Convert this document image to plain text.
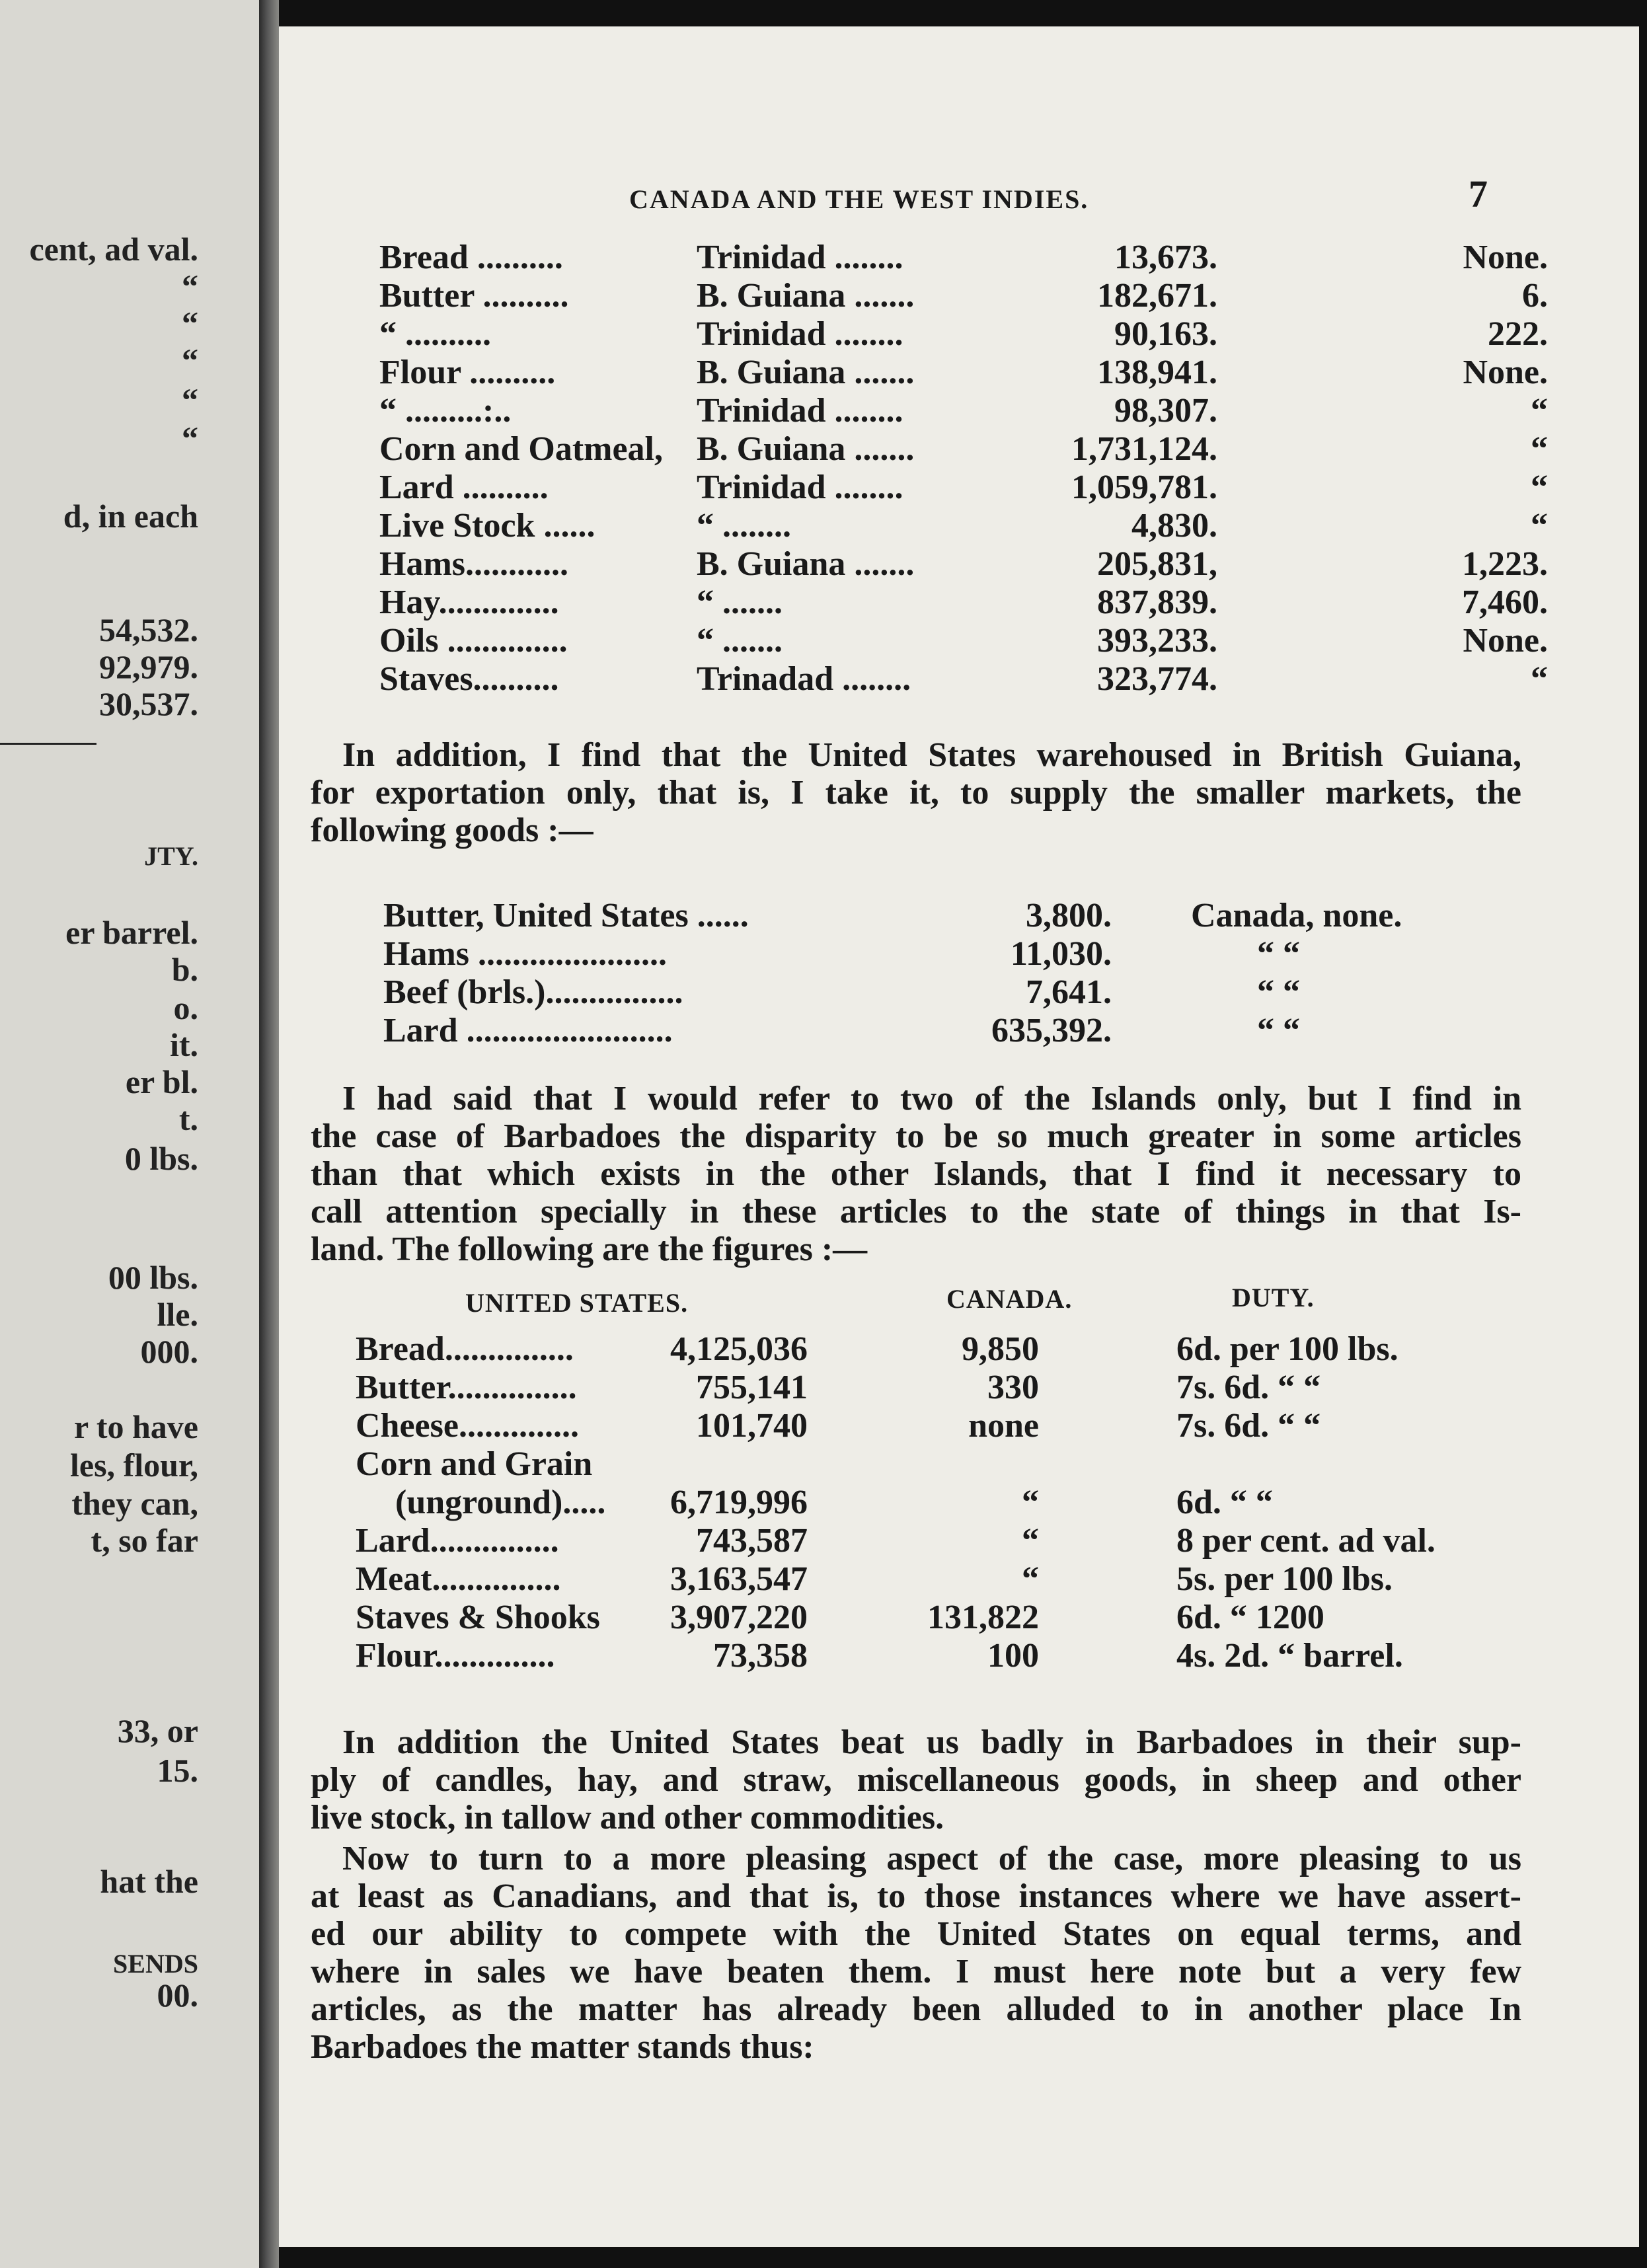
cent, ad val.
“
“
“
“
“
d, in each
54,532.
92,979.
30,537.
JTY.
er barrel.
b.
o.
it.
er bl.
t.
0 lbs.
00 lbs.
lle.
000.
r to have
les, flour,
they can,
t, so far
33, or
15.
hat the
SENDS
00.
CANADA AND THE WEST INDIES.	7
Bread ..........	Trinidad ........	13,673.	None.
Butter ..........	B. Guiana .......	182,671.	6.
“ ..........	Trinidad ........	90,163.	222.
Flour ..........	B. Guiana .......	138,941.	None.
“ .........:..	Trinidad ........	98,307.	“
Corn and Oatmeal, B. Guiana .......	1,731,124.	“
Lard ..........	Trinidad ........	1,059,781.	“
Live Stock ......	“ ........	4,830.	“
Hams............	B. Guiana .......	205,831,	1,223.
Hay..............	“ .......	837,839.	7,460.
Oils ..............	“ .......	393,233.	None.
Staves..........	Trinadad ........	323,774.	“
In addition, I find that the United States warehoused in British Guiana,
for exportation only, that is, I take it, to supply the smaller markets, the
following goods :—
Butter, United States ......	3,800. Canada, none.
Hams ......................	11,030.	“ “
Beef (brls.)................	7,641.	“ “
Lard ........................	635,392.	“ “
I had said that I would refer to two of the Islands only, but I find in
the case of Barbadoes the disparity to be so much greater in some articles
than that which exists in the other Islands, that I find it necessary to
call attention specially in these articles to the state of things in that Is-
land. The following are the figures :—
UNITED STATES.	CANADA.	DUTY.
Bread...............	4,125,036	9,850	6d. per 100 lbs.
Butter...............	755,141	330	7s. 6d. “ “
Cheese..............	101,740	none	7s. 6d. “ “
Corn and Grain
(unground).....	6,719,996	“	6d. “ “
Lard...............	743,587	“	8 per cent. ad val.
Meat...............	3,163,547	“	5s. per 100 lbs.
Staves & Shooks	3,907,220	131,822	6d. “ 1200
Flour..............	73,358	100	4s. 2d. “ barrel.
In addition the United States beat us badly in Barbadoes in their sup-
ply of candles, hay, and straw, miscellaneous goods, in sheep and other
live stock, in tallow and other commodities.
Now to turn to a more pleasing aspect of the case, more pleasing to us
at least as Canadians, and that is, to those instances where we have assert-
ed our ability to compete with the United States on equal terms, and
where in sales we have beaten them. I must here note but a very few
articles, as the matter has already been alluded to in another place In
Barbadoes the matter stands thus:
